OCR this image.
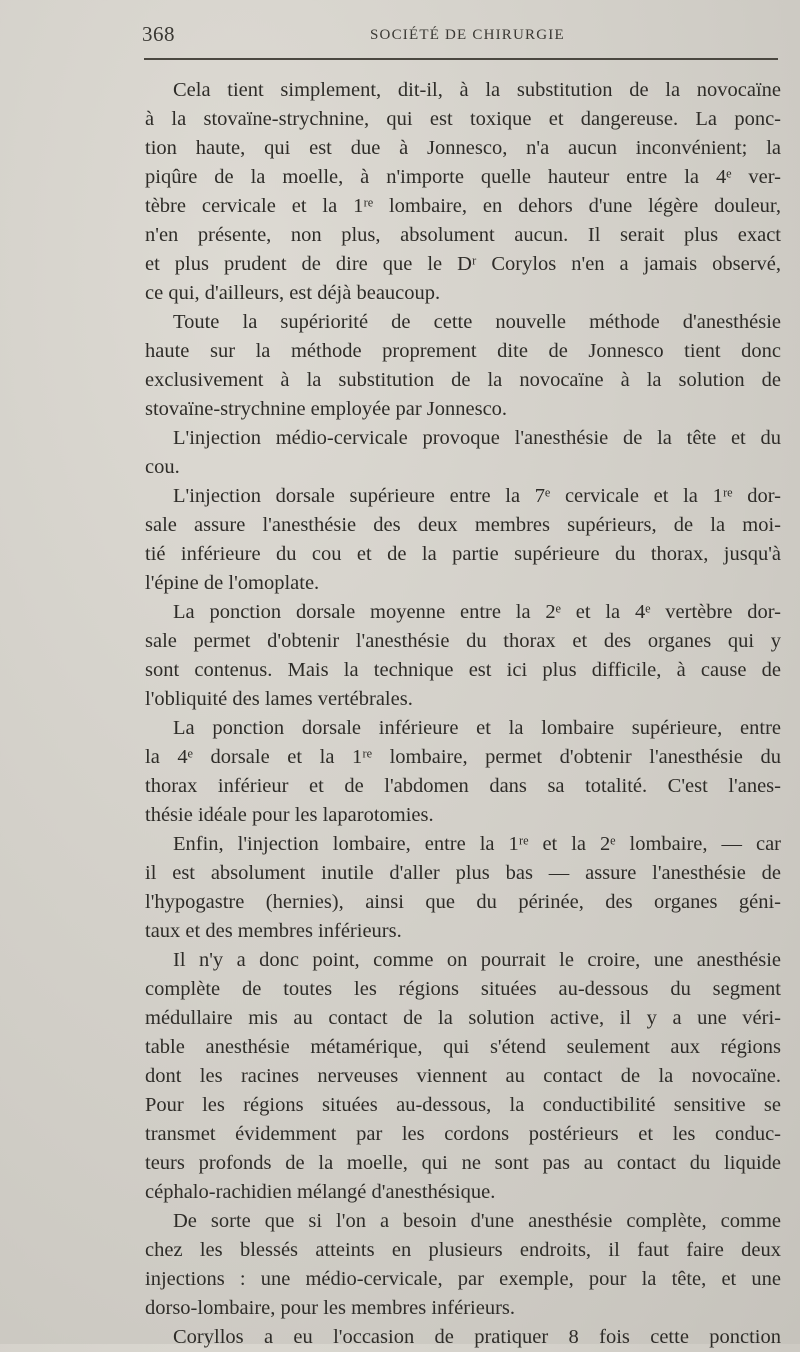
368	SOCIÉTÉ DE CHIRURGIE
Cela tient simplement, dit-il, à la substitution de la novocaïne
à la stovaïne-strychnine, qui est toxique et dangereuse. La ponc-
tion haute, qui est due à Jonnesco, n'a aucun inconvénient; la
piqûre de la moelle, à n'importe quelle hauteur entre la 4ᵉ ver-
tèbre cervicale et la 1ʳᵉ lombaire, en dehors d'une légère douleur,
n'en présente, non plus, absolument aucun. Il serait plus exact
et plus prudent de dire que le Dʳ Corylos n'en a jamais observé,
ce qui, d'ailleurs, est déjà beaucoup.
Toute la supériorité de cette nouvelle méthode d'anesthésie
haute sur la méthode proprement dite de Jonnesco tient donc
exclusivement à la substitution de la novocaïne à la solution de
stovaïne-strychnine employée par Jonnesco.
L'injection médio-cervicale provoque l'anesthésie de la tête et du
cou.
L'injection dorsale supérieure entre la 7ᵉ cervicale et la 1ʳᵉ dor-
sale assure l'anesthésie des deux membres supérieurs, de la moi-
tié inférieure du cou et de la partie supérieure du thorax, jusqu'à
l'épine de l'omoplate.
La ponction dorsale moyenne entre la 2ᵉ et la 4ᵉ vertèbre dor-
sale permet d'obtenir l'anesthésie du thorax et des organes qui y
sont contenus. Mais la technique est ici plus difficile, à cause de
l'obliquité des lames vertébrales.
La ponction dorsale inférieure et la lombaire supérieure, entre
la 4ᵉ dorsale et la 1ʳᵉ lombaire, permet d'obtenir l'anesthésie du
thorax inférieur et de l'abdomen dans sa totalité. C'est l'anes-
thésie idéale pour les laparotomies.
Enfin, l'injection lombaire, entre la 1ʳᵉ et la 2ᵉ lombaire, — car
il est absolument inutile d'aller plus bas — assure l'anesthésie de
l'hypogastre (hernies), ainsi que du périnée, des organes géni-
taux et des membres inférieurs.
Il n'y a donc point, comme on pourrait le croire, une anesthésie
complète de toutes les régions situées au-dessous du segment
médullaire mis au contact de la solution active, il y a une véri-
table anesthésie métamérique, qui s'étend seulement aux régions
dont les racines nerveuses viennent au contact de la novocaïne.
Pour les régions situées au-dessous, la conductibilité sensitive se
transmet évidemment par les cordons postérieurs et les conduc-
teurs profonds de la moelle, qui ne sont pas au contact du liquide
céphalo-rachidien mélangé d'anesthésique.
De sorte que si l'on a besoin d'une anesthésie complète, comme
chez les blessés atteints en plusieurs endroits, il faut faire deux
injections : une médio-cervicale, par exemple, pour la tête, et une
dorso-lombaire, pour les membres inférieurs.
Coryllos a eu l'occasion de pratiquer 8 fois cette ponction
